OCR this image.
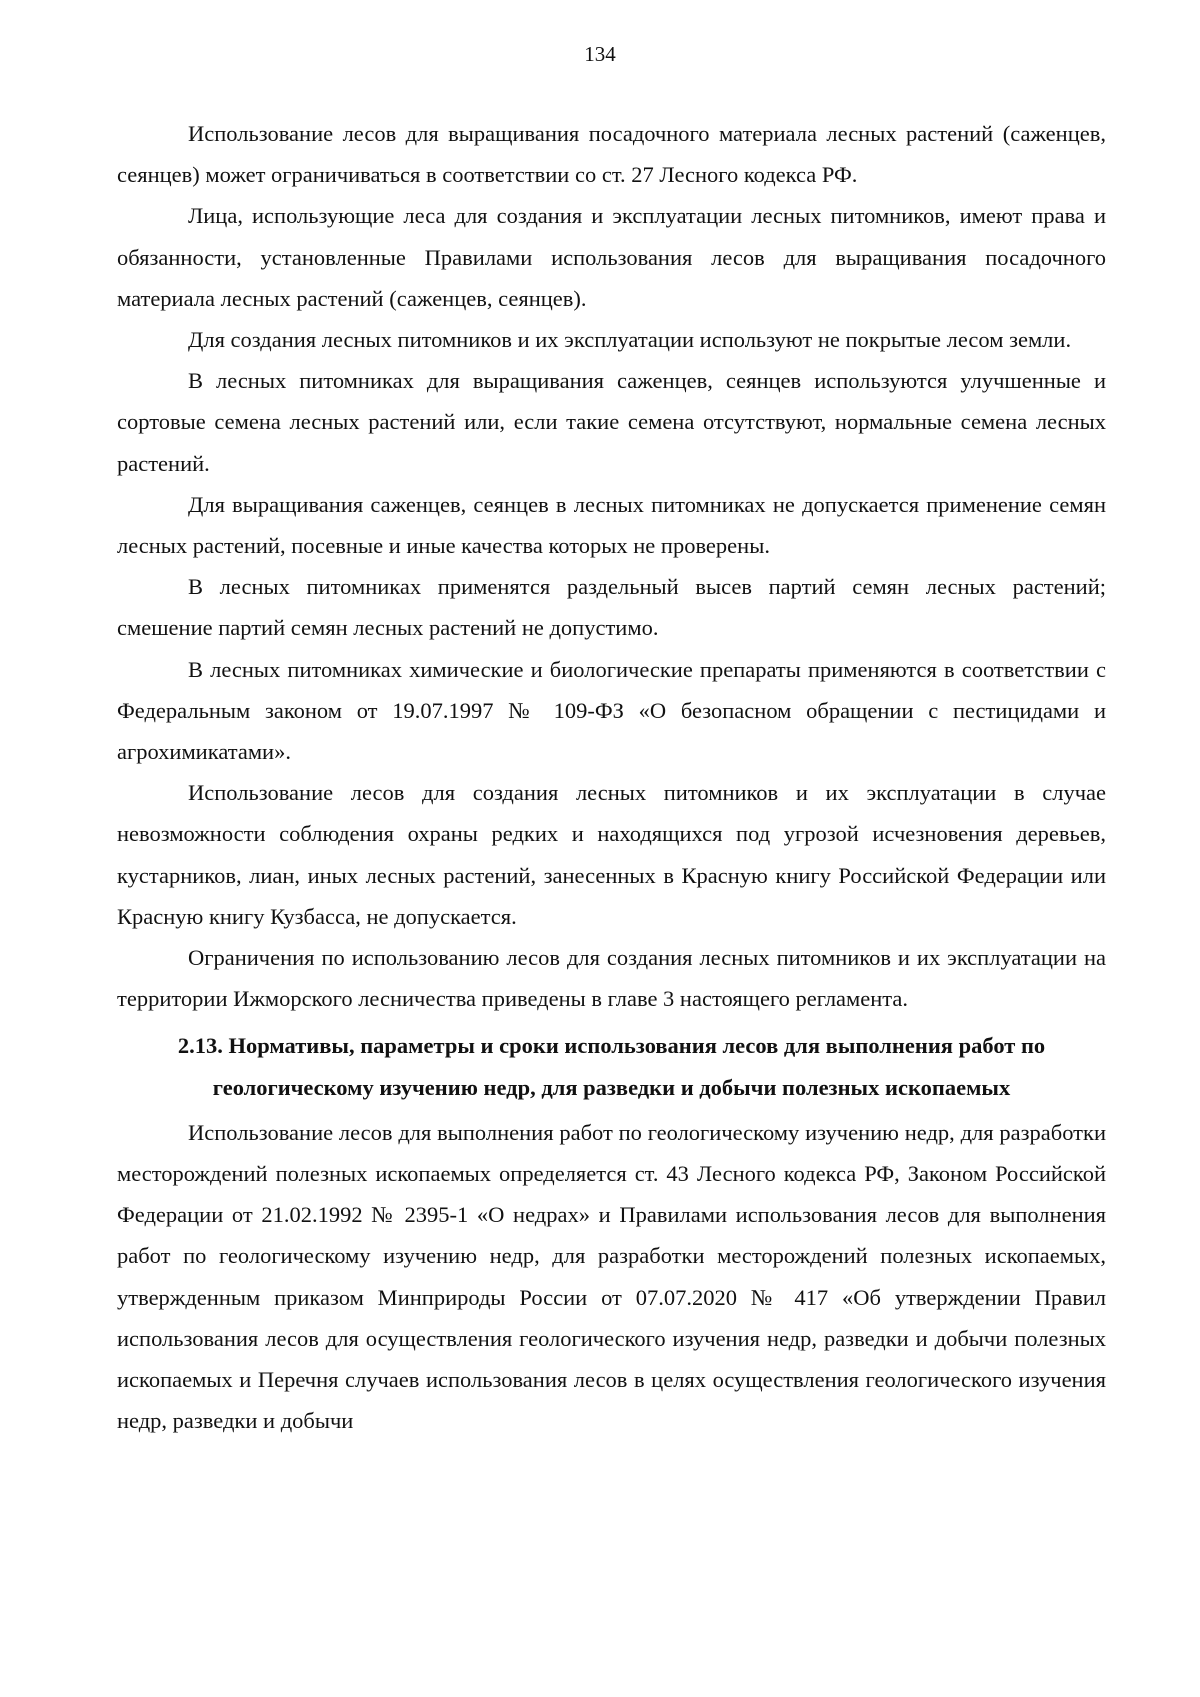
134

Использование лесов для выращивания посадочного материала лесных растений (саженцев, сеянцев) может ограничиваться в соответствии со ст. 27 Лесного кодекса РФ.

Лица, использующие леса для создания и эксплуатации лесных питомников, имеют права и обязанности, установленные Правилами использования лесов для выращивания посадочного материала лесных растений (саженцев, сеянцев).

Для создания лесных питомников и их эксплуатации используют не покрытые лесом земли.

В лесных питомниках для выращивания саженцев, сеянцев используются улучшенные и сортовые семена лесных растений или, если такие семена отсутствуют, нормальные семена лесных растений.

Для выращивания саженцев, сеянцев в лесных питомниках не допускается применение семян лесных растений, посевные и иные качества которых не проверены.

В лесных питомниках применятся раздельный высев партий семян лесных растений; смешение партий семян лесных растений не допустимо.

В лесных питомниках химические и биологические препараты применяются в соответствии с Федеральным законом от 19.07.1997 № 109-ФЗ «О безопасном обращении с пестицидами и агрохимикатами».

Использование лесов для создания лесных питомников и их эксплуатации в случае невозможности соблюдения охраны редких и находящихся под угрозой исчезновения деревьев, кустарников, лиан, иных лесных растений, занесенных в Красную книгу Российской Федерации или Красную книгу Кузбасса, не допускается.

Ограничения по использованию лесов для создания лесных питомников и их эксплуатации на территории Ижморского лесничества приведены в главе 3 настоящего регламента.

2.13. Нормативы, параметры и сроки использования лесов для выполнения работ по геологическому изучению недр, для разведки и добычи полезных ископаемых

Использование лесов для выполнения работ по геологическому изучению недр, для разработки месторождений полезных ископаемых определяется ст. 43 Лесного кодекса РФ, Законом Российской Федерации от 21.02.1992 № 2395-1 «О недрах» и Правилами использования лесов для выполнения работ по геологическому изучению недр, для разработки месторождений полезных ископаемых, утвержденным приказом Минприроды России от 07.07.2020 № 417 «Об утверждении Правил использования лесов для осуществления геологического изучения недр, разведки и добычи полезных ископаемых и Перечня случаев использования лесов в целях осуществления геологического изучения недр, разведки и добычи
